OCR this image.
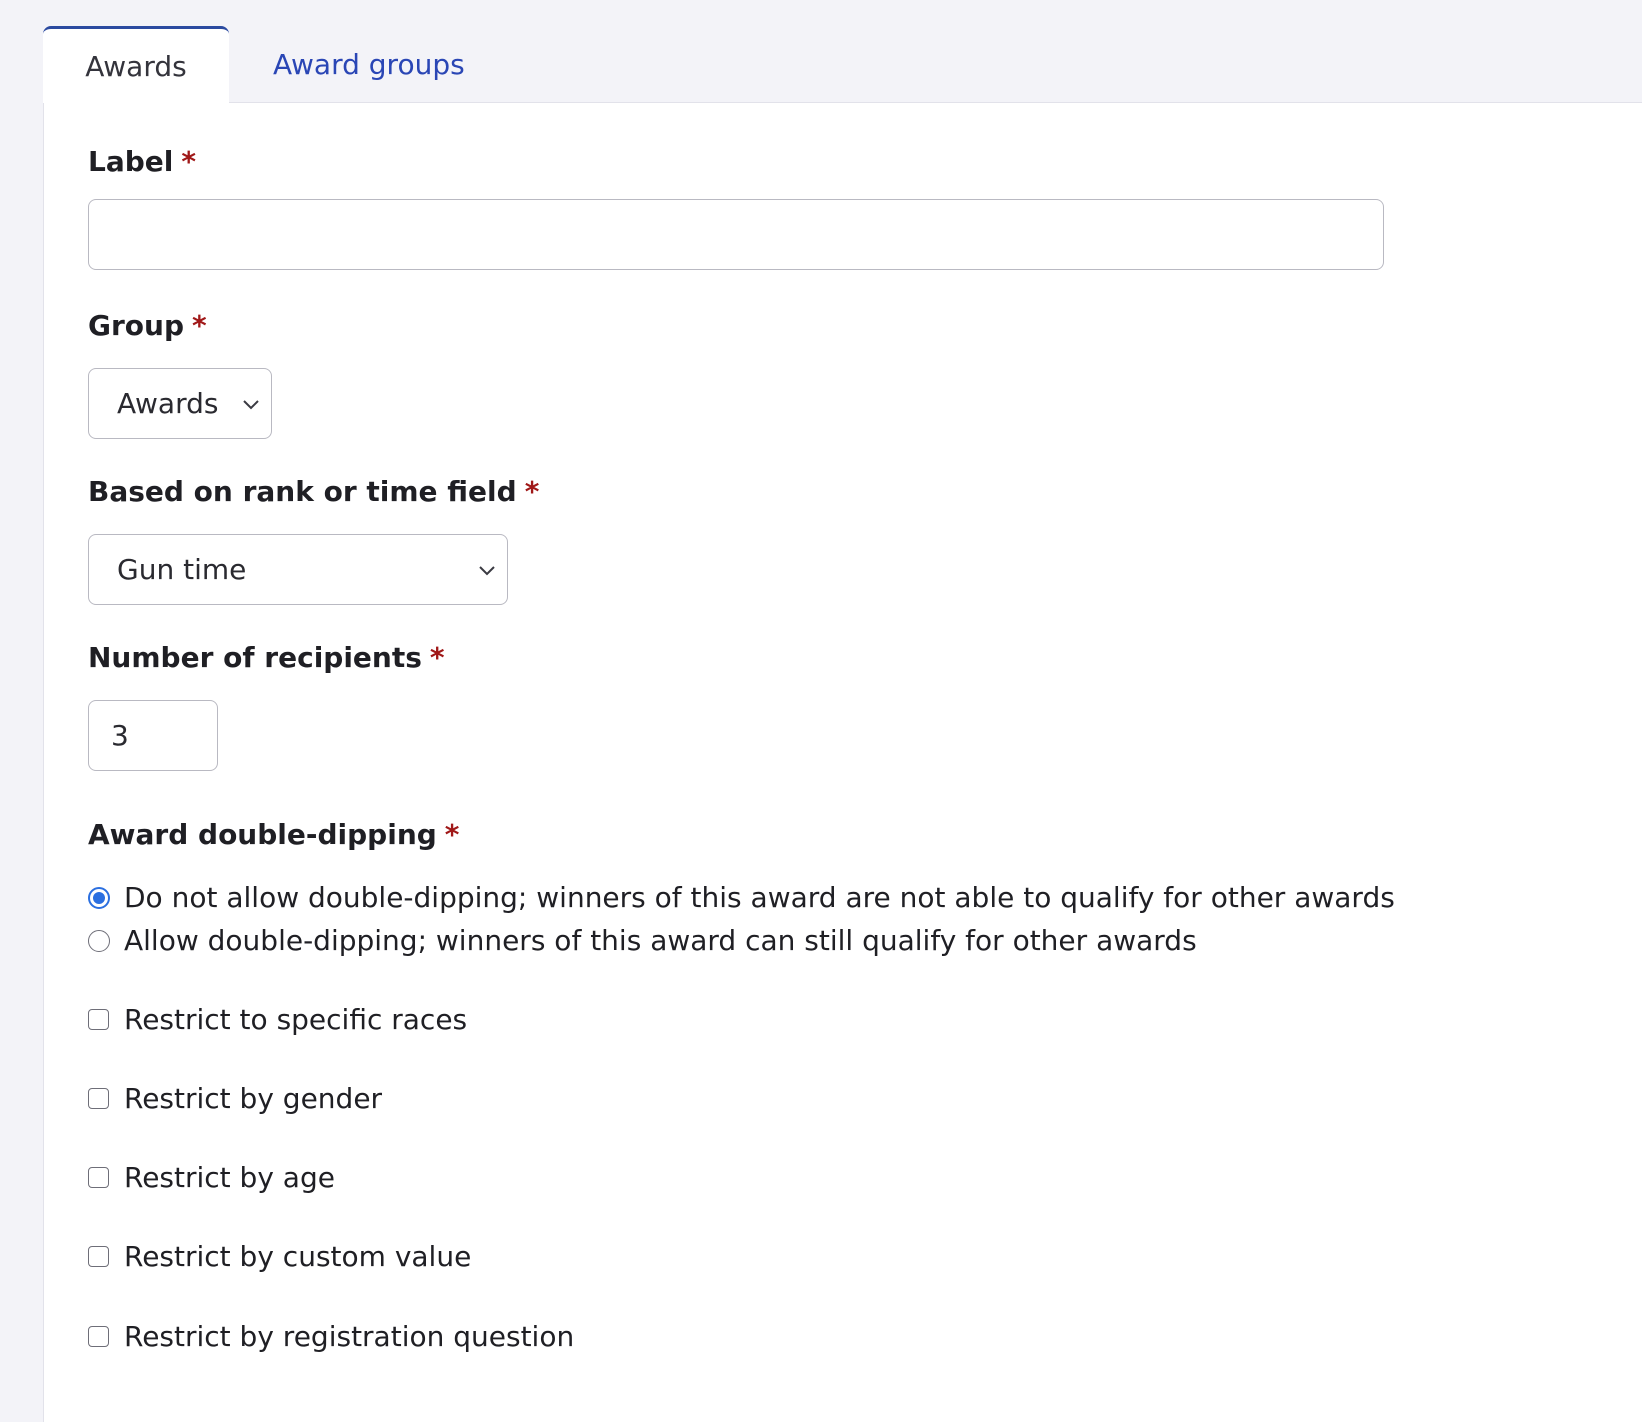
Awards	Award groups
Label *
Group *
Awards
Based on rank or time field *
Gun time
Number of recipients *
3
Award double-dipping *
Do not allow double-dipping; winners of this award are not able to qualify for other awards
Allow double-dipping; winners of this award can still qualify for other awards
Restrict to specific races
Restrict by gender
Restrict by age
Restrict by custom value
Restrict by registration question
